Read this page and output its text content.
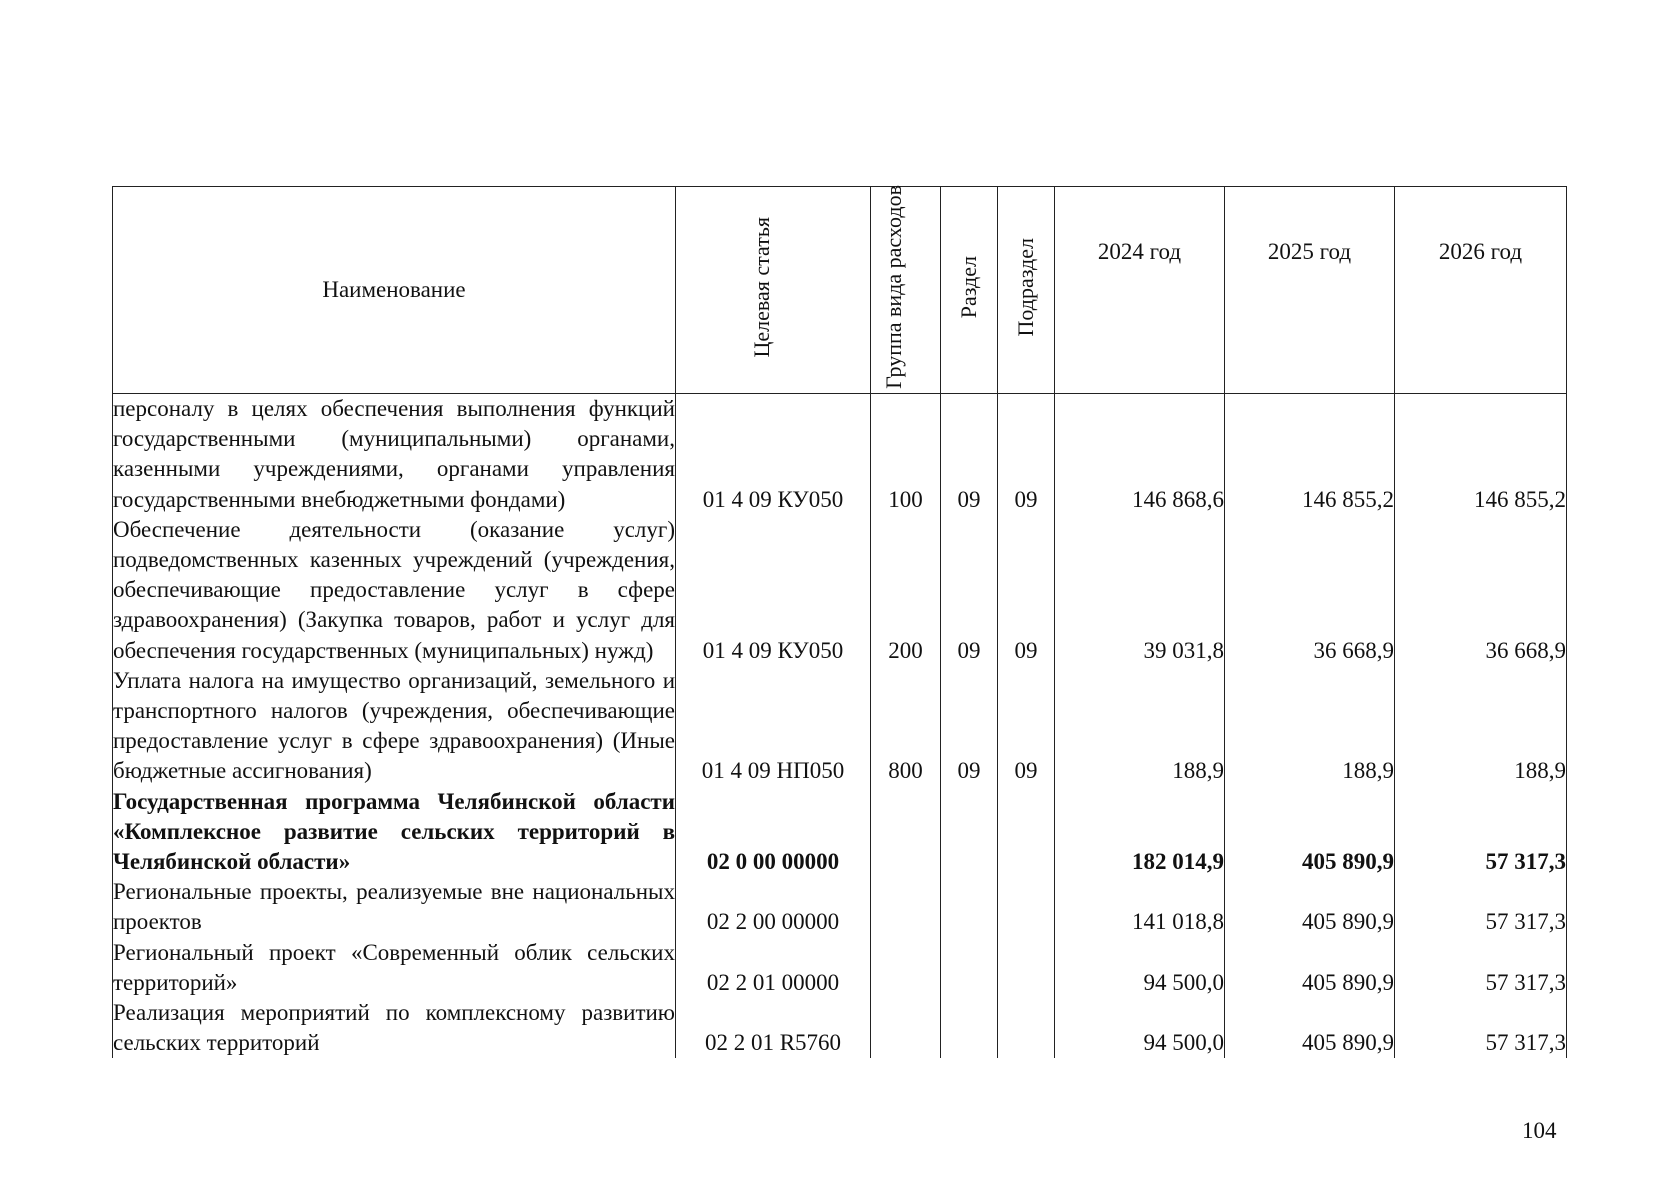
Наименование	Целевая статья	Группа вида расходов	Раздел	Подраздел	2024 год	2025 год	2026 год
персоналу в целях обеспечения выполнения функций государственными (муниципальными) органами, казенными учреждениями, органами управления государственными внебюджетными фондами)	01 4 09 КУ050	100	09	09	146 868,6	146 855,2	146 855,2
Обеспечение деятельности (оказание услуг) подведомственных казенных учреждений (учреждения, обеспечивающие предоставление услуг в сфере здравоохранения) (Закупка товаров, работ и услуг для обеспечения государственных (муниципальных) нужд)	01 4 09 КУ050	200	09	09	39 031,8	36 668,9	36 668,9
Уплата налога на имущество организаций, земельного и транспортного налогов (учреждения, обеспечивающие предоставление услуг в сфере здравоохранения) (Иные бюджетные ассигнования)	01 4 09 НП050	800	09	09	188,9	188,9	188,9
Государственная программа Челябинской области «Комплексное развитие сельских территорий в Челябинской области»	02 0 00 00000				182 014,9	405 890,9	57 317,3
Региональные проекты, реализуемые вне национальных проектов	02 2 00 00000				141 018,8	405 890,9	57 317,3
Региональный проект «Современный облик сельских территорий»	02 2 01 00000				94 500,0	405 890,9	57 317,3
Реализация мероприятий по комплексному развитию сельских территорий	02 2 01 R5760				94 500,0	405 890,9	57 317,3
104
